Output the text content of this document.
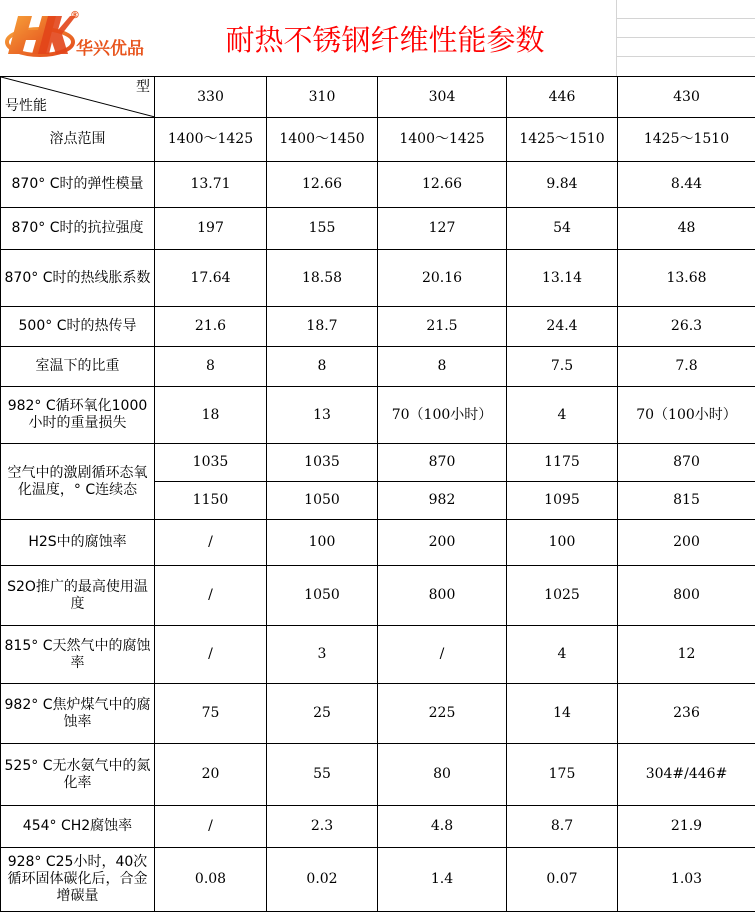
®
华兴优品	耐热不锈钢纤维性能参数
型
号性能	330	310	304	446	430
溶点范围	1400～1425	1400～1450	1400～1425	1425～1510	1425～1510
870° C时的弹性模量	13.71	12.66	12.66	9.84	8.44
870° C时的抗拉强度	197	155	127	54	48
870° C时的热线胀系数	17.64	18.58	20.16	13.14	13.68
500° C时的热传导	21.6	18.7	21.5	24.4	26.3
室温下的比重	8	8	8	7.5	7.8
982° C循环氧化1000小时的重量损失	18	13	70（100小时）	4	70（100小时）
空气中的激剧循环态氧化温度，° C连续态	1035	1035	870	1175	870
	1150	1050	982	1095	815
H2S中的腐蚀率	/	100	200	100	200
S2O推广的最高使用温度	/	1050	800	1025	800
815° C天然气中的腐蚀率	/	3	/	4	12
982° C焦炉煤气中的腐蚀率	75	25	225	14	236
525° C无水氨气中的氮化率	20	55	80	175	304#/446#
454° CH2腐蚀率	/	2.3	4.8	8.7	21.9
928° C25小时，40次循环固体碳化后，合金增碳量	0.08	0.02	1.4	0.07	1.03
